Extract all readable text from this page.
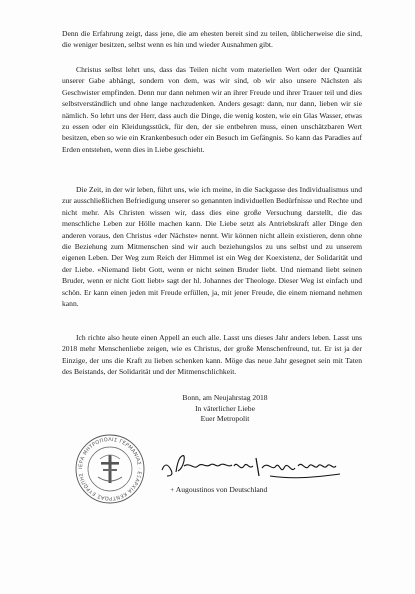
Denn die Erfahrung zeigt, dass jene, die am ehesten bereit sind zu teilen, üblicherweise die sind, die weniger besitzen, selbst wenn es hin und wieder Ausnahmen gibt.

Christus selbst lehrt uns, dass das Teilen nicht vom materiellen Wert oder der Quantität unserer Gabe abhängt, sondern von dem, was wir sind, ob wir also unsere Nächsten als Geschwister empfinden. Denn nur dann nehmen wir an ihrer Freude und ihrer Trauer teil und dies selbstverständlich und ohne lange nachzudenken. Anders gesagt: dann, nur dann, lieben wir sie nämlich. So lehrt uns der Herr, dass auch die Dinge, die wenig kosten, wie ein Glas Wasser, etwas zu essen oder ein Kleidungsstück, für den, der sie entbehren muss, einen unschätzbaren Wert besitzen, eben so wie ein Krankenbesuch oder ein Besuch im Gefängnis. So kann das Paradies auf Erden entstehen, wenn dies in Liebe geschieht.

Die Zeit, in der wir leben, führt uns, wie ich meine, in die Sackgasse des Individualismus und zur ausschließlichen Befriedigung unserer so genannten individuellen Bedürfnisse und Rechte und nicht mehr. Als Christen wissen wir, dass dies eine große Versuchung darstellt, die das menschliche Leben zur Hölle machen kann. Die Liebe setzt als Antriebskraft aller Dinge den anderen voraus, den Christus «der Nächste» nennt. Wir können nicht allein existieren, denn ohne die Beziehung zum Mitmenschen sind wir auch beziehungslos zu uns selbst und zu unserem eigenen Leben. Der Weg zum Reich der Himmel ist ein Weg der Koexistenz, der Solidarität und der Liebe. «Niemand liebt Gott, wenn er nicht seinen Bruder liebt. Und niemand liebt seinen Bruder, wenn er nicht Gott liebt» sagt der hl. Johannes der Theologe. Dieser Weg ist einfach und schön. Er kann einen jeden mit Freude erfüllen, ja, mit jener Freude, die einem niemand nehmen kann.

Ich richte also heute einen Appell an euch alle. Lasst uns dieses Jahr anders leben. Lasst uns 2018 mehr Menschenliebe zeigen, wie es Christus, der große Menschenfreund, tut. Er ist ja der Einzige, der uns die Kraft zu lieben schenken kann. Möge das neue Jahr gesegnet sein mit Taten des Beistands, der Solidarität und der Mitmenschlichkeit.

Bonn, am Neujahrstag 2018
In väterlicher Liebe
Euer Metropolit
ΙΕΡΑ ΜΗΤΡΟΠΟΛΙΣ ΓΕΡΜΑΝΙΑΣ · ΕΞΑΡΧΙΑ ΚΕΝΤΡΩΑΣ ΕΥΡΩΠΗΣ
+ Augoustinos von Deutschland
